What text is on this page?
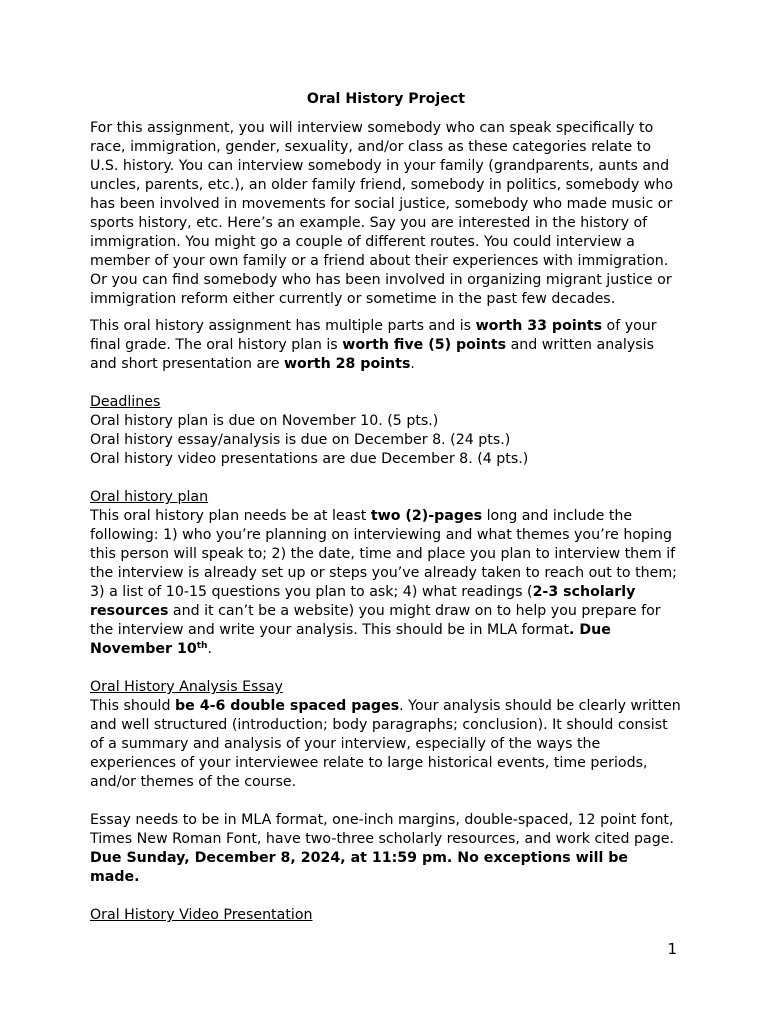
Oral History Project

For this assignment, you will interview somebody who can speak specifically to race, immigration, gender, sexuality, and/or class as these categories relate to U.S. history. You can interview somebody in your family (grandparents, aunts and uncles, parents, etc.), an older family friend, somebody in politics, somebody who has been involved in movements for social justice, somebody who made music or sports history, etc. Here’s an example. Say you are interested in the history of immigration. You might go a couple of different routes. You could interview a member of your own family or a friend about their experiences with immigration. Or you can find somebody who has been involved in organizing migrant justice or immigration reform either currently or sometime in the past few decades.

This oral history assignment has multiple parts and is worth 33 points of your final grade. The oral history plan is worth five (5) points and written analysis and short presentation are worth 28 points.

Deadlines

Oral history plan is due on November 10. (5 pts.)

Oral history essay/analysis is due on December 8. (24 pts.)

Oral history video presentations are due December 8. (4 pts.)

Oral history plan

This oral history plan needs be at least two (2)-pages long and include the following: 1) who you’re planning on interviewing and what themes you’re hoping this person will speak to; 2) the date, time and place you plan to interview them if the interview is already set up or steps you’ve already taken to reach out to them; 3) a list of 10-15 questions you plan to ask; 4) what readings (2-3 scholarly resources and it can’t be a website) you might draw on to help you prepare for the interview and write your analysis. This should be in MLA format. Due November 10th.

Oral History Analysis Essay

This should be 4-6 double spaced pages. Your analysis should be clearly written and well structured (introduction; body paragraphs; conclusion). It should consist of a summary and analysis of your interview, especially of the ways the experiences of your interviewee relate to large historical events, time periods, and/or themes of the course.

Essay needs to be in MLA format, one-inch margins, double-spaced, 12 point font, Times New Roman Font, have two-three scholarly resources, and work cited page.

Due Sunday, December 8, 2024, at 11:59 pm. No exceptions will be made.

Oral History Video Presentation

1
